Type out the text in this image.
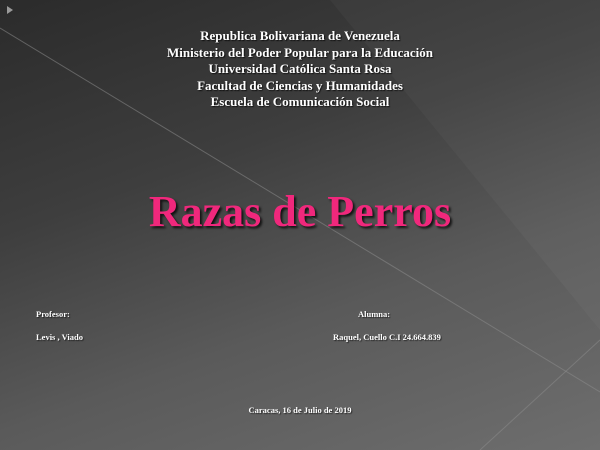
Republica Bolivariana de Venezuela
Ministerio del Poder Popular para la Educación
Universidad Católica Santa Rosa
Facultad de Ciencias y Humanidades
Escuela de Comunicación Social
Razas de Perros
Profesor:
Levis , Viado
Alumna:
Raquel, Cuello C.I 24.664.839
Caracas, 16 de Julio de 2019
